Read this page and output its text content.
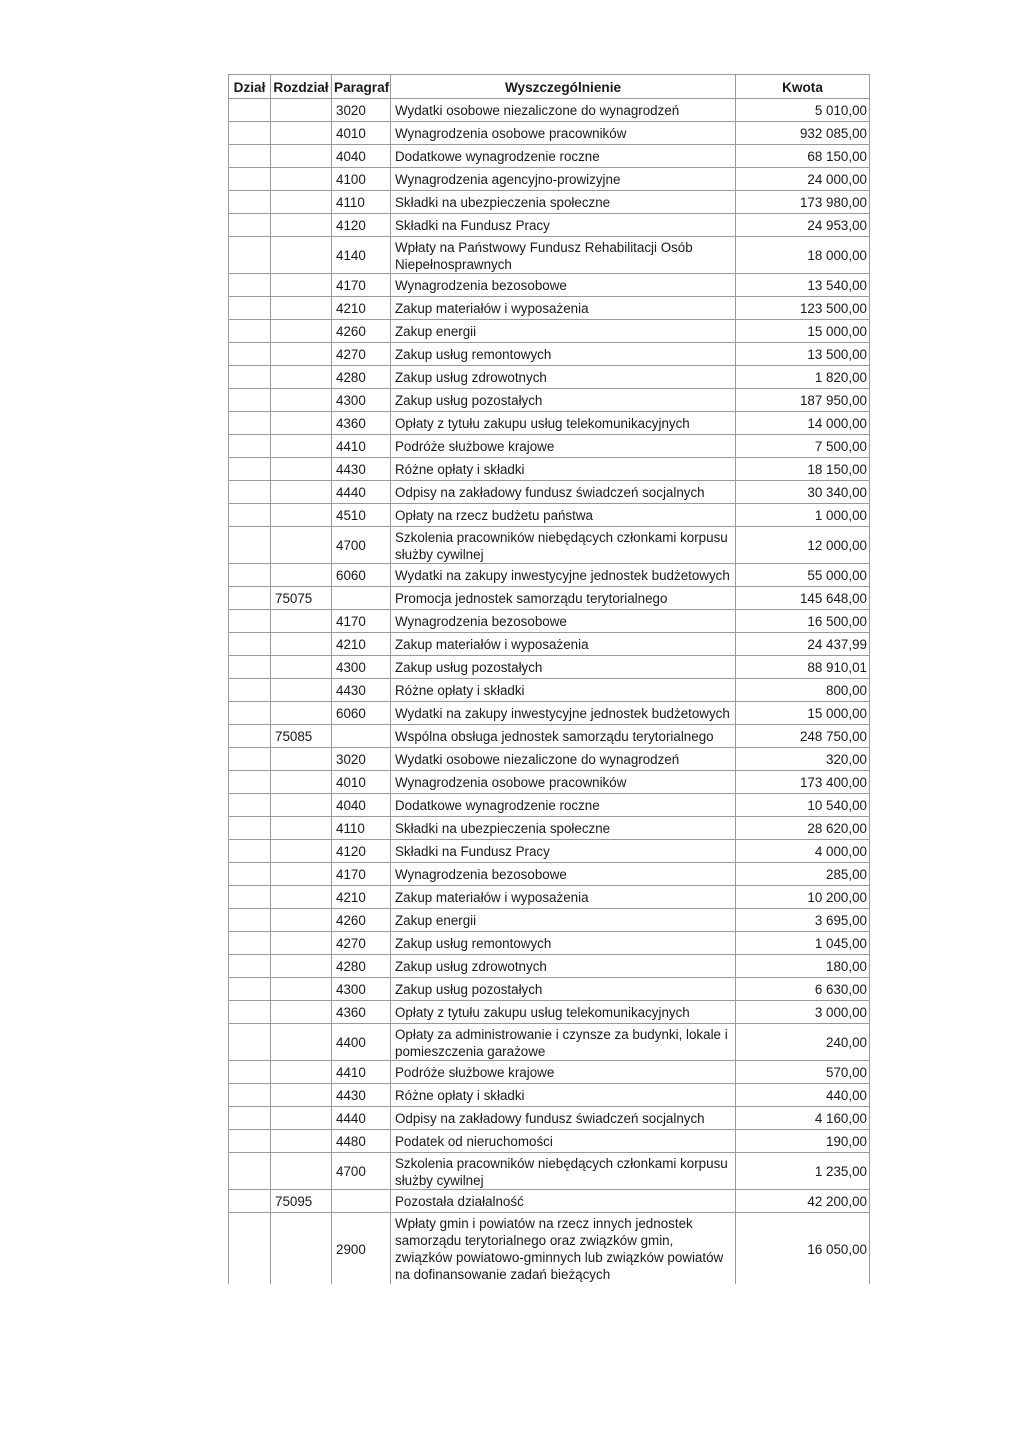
Dział	Rozdział	Paragraf	Wyszczególnienie	Kwota
		3020	Wydatki osobowe niezaliczone do wynagrodzeń	5 010,00
		4010	Wynagrodzenia osobowe pracowników	932 085,00
		4040	Dodatkowe wynagrodzenie roczne	68 150,00
		4100	Wynagrodzenia agencyjno-prowizyjne	24 000,00
		4110	Składki na ubezpieczenia społeczne	173 980,00
		4120	Składki na Fundusz Pracy	24 953,00
		4140	Wpłaty na Państwowy Fundusz Rehabilitacji Osób Niepełnosprawnych	18 000,00
		4170	Wynagrodzenia bezosobowe	13 540,00
		4210	Zakup materiałów i wyposażenia	123 500,00
		4260	Zakup energii	15 000,00
		4270	Zakup usług remontowych	13 500,00
		4280	Zakup usług zdrowotnych	1 820,00
		4300	Zakup usług pozostałych	187 950,00
		4360	Opłaty z tytułu zakupu usług telekomunikacyjnych	14 000,00
		4410	Podróże służbowe krajowe	7 500,00
		4430	Różne opłaty i składki	18 150,00
		4440	Odpisy na zakładowy fundusz świadczeń socjalnych	30 340,00
		4510	Opłaty na rzecz budżetu państwa	1 000,00
		4700	Szkolenia pracowników niebędących członkami korpusu służby cywilnej	12 000,00
		6060	Wydatki na zakupy inwestycyjne jednostek budżetowych	55 000,00
	75075		Promocja jednostek samorządu terytorialnego	145 648,00
		4170	Wynagrodzenia bezosobowe	16 500,00
		4210	Zakup materiałów i wyposażenia	24 437,99
		4300	Zakup usług pozostałych	88 910,01
		4430	Różne opłaty i składki	800,00
		6060	Wydatki na zakupy inwestycyjne jednostek budżetowych	15 000,00
	75085		Wspólna obsługa jednostek samorządu terytorialnego	248 750,00
		3020	Wydatki osobowe niezaliczone do wynagrodzeń	320,00
		4010	Wynagrodzenia osobowe pracowników	173 400,00
		4040	Dodatkowe wynagrodzenie roczne	10 540,00
		4110	Składki na ubezpieczenia społeczne	28 620,00
		4120	Składki na Fundusz Pracy	4 000,00
		4170	Wynagrodzenia bezosobowe	285,00
		4210	Zakup materiałów i wyposażenia	10 200,00
		4260	Zakup energii	3 695,00
		4270	Zakup usług remontowych	1 045,00
		4280	Zakup usług zdrowotnych	180,00
		4300	Zakup usług pozostałych	6 630,00
		4360	Opłaty z tytułu zakupu usług telekomunikacyjnych	3 000,00
		4400	Opłaty za administrowanie i czynsze za budynki, lokale i pomieszczenia garażowe	240,00
		4410	Podróże służbowe krajowe	570,00
		4430	Różne opłaty i składki	440,00
		4440	Odpisy na zakładowy fundusz świadczeń socjalnych	4 160,00
		4480	Podatek od nieruchomości	190,00
		4700	Szkolenia pracowników niebędących członkami korpusu służby cywilnej	1 235,00
	75095		Pozostała działalność	42 200,00
		2900	Wpłaty gmin i powiatów na rzecz innych jednostek samorządu terytorialnego oraz związków gmin, związków powiatowo-gminnych lub związków powiatów na dofinansowanie zadań bieżących	16 050,00
